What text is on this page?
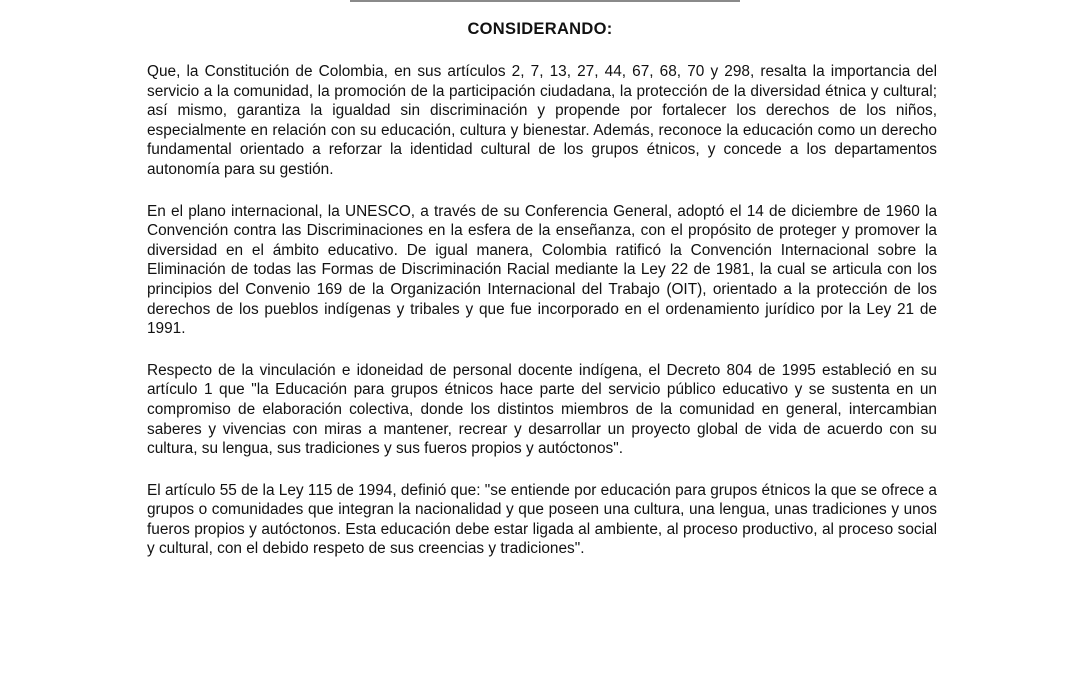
CONSIDERANDO:

Que, la Constitución de Colombia, en sus artículos 2, 7, 13, 27, 44, 67, 68, 70 y 298, resalta la importancia del servicio a la comunidad, la promoción de la participación ciudadana, la protección de la diversidad étnica y cultural; así mismo, garantiza la igualdad sin discriminación y propende por fortalecer los derechos de los niños, especialmente en relación con su educación, cultura y bienestar. Además, reconoce la educación como un derecho fundamental orientado a reforzar la identidad cultural de los grupos étnicos, y concede a los departamentos autonomía para su gestión.

En el plano internacional, la UNESCO, a través de su Conferencia General, adoptó el 14 de diciembre de 1960 la Convención contra las Discriminaciones en la esfera de la enseñanza, con el propósito de proteger y promover la diversidad en el ámbito educativo. De igual manera, Colombia ratificó la Convención Internacional sobre la Eliminación de todas las Formas de Discriminación Racial mediante la Ley 22 de 1981, la cual se articula con los principios del Convenio 169 de la Organización Internacional del Trabajo (OIT), orientado a la protección de los derechos de los pueblos indígenas y tribales y que fue incorporado en el ordenamiento jurídico por la Ley 21 de 1991.

Respecto de la vinculación e idoneidad de personal docente indígena, el Decreto 804 de 1995 estableció en su artículo 1 que "la Educación para grupos étnicos hace parte del servicio público educativo y se sustenta en un compromiso de elaboración colectiva, donde los distintos miembros de la comunidad en general, intercambian saberes y vivencias con miras a mantener, recrear y desarrollar un proyecto global de vida de acuerdo con su cultura, su lengua, sus tradiciones y sus fueros propios y autóctonos".

El artículo 55 de la Ley 115 de 1994, definió que: "se entiende por educación para grupos étnicos la que se ofrece a grupos o comunidades que integran la nacionalidad y que poseen una cultura, una lengua, unas tradiciones y unos fueros propios y autóctonos. Esta educación debe estar ligada al ambiente, al proceso productivo, al proceso social y cultural, con el debido respeto de sus creencias y tradiciones".
